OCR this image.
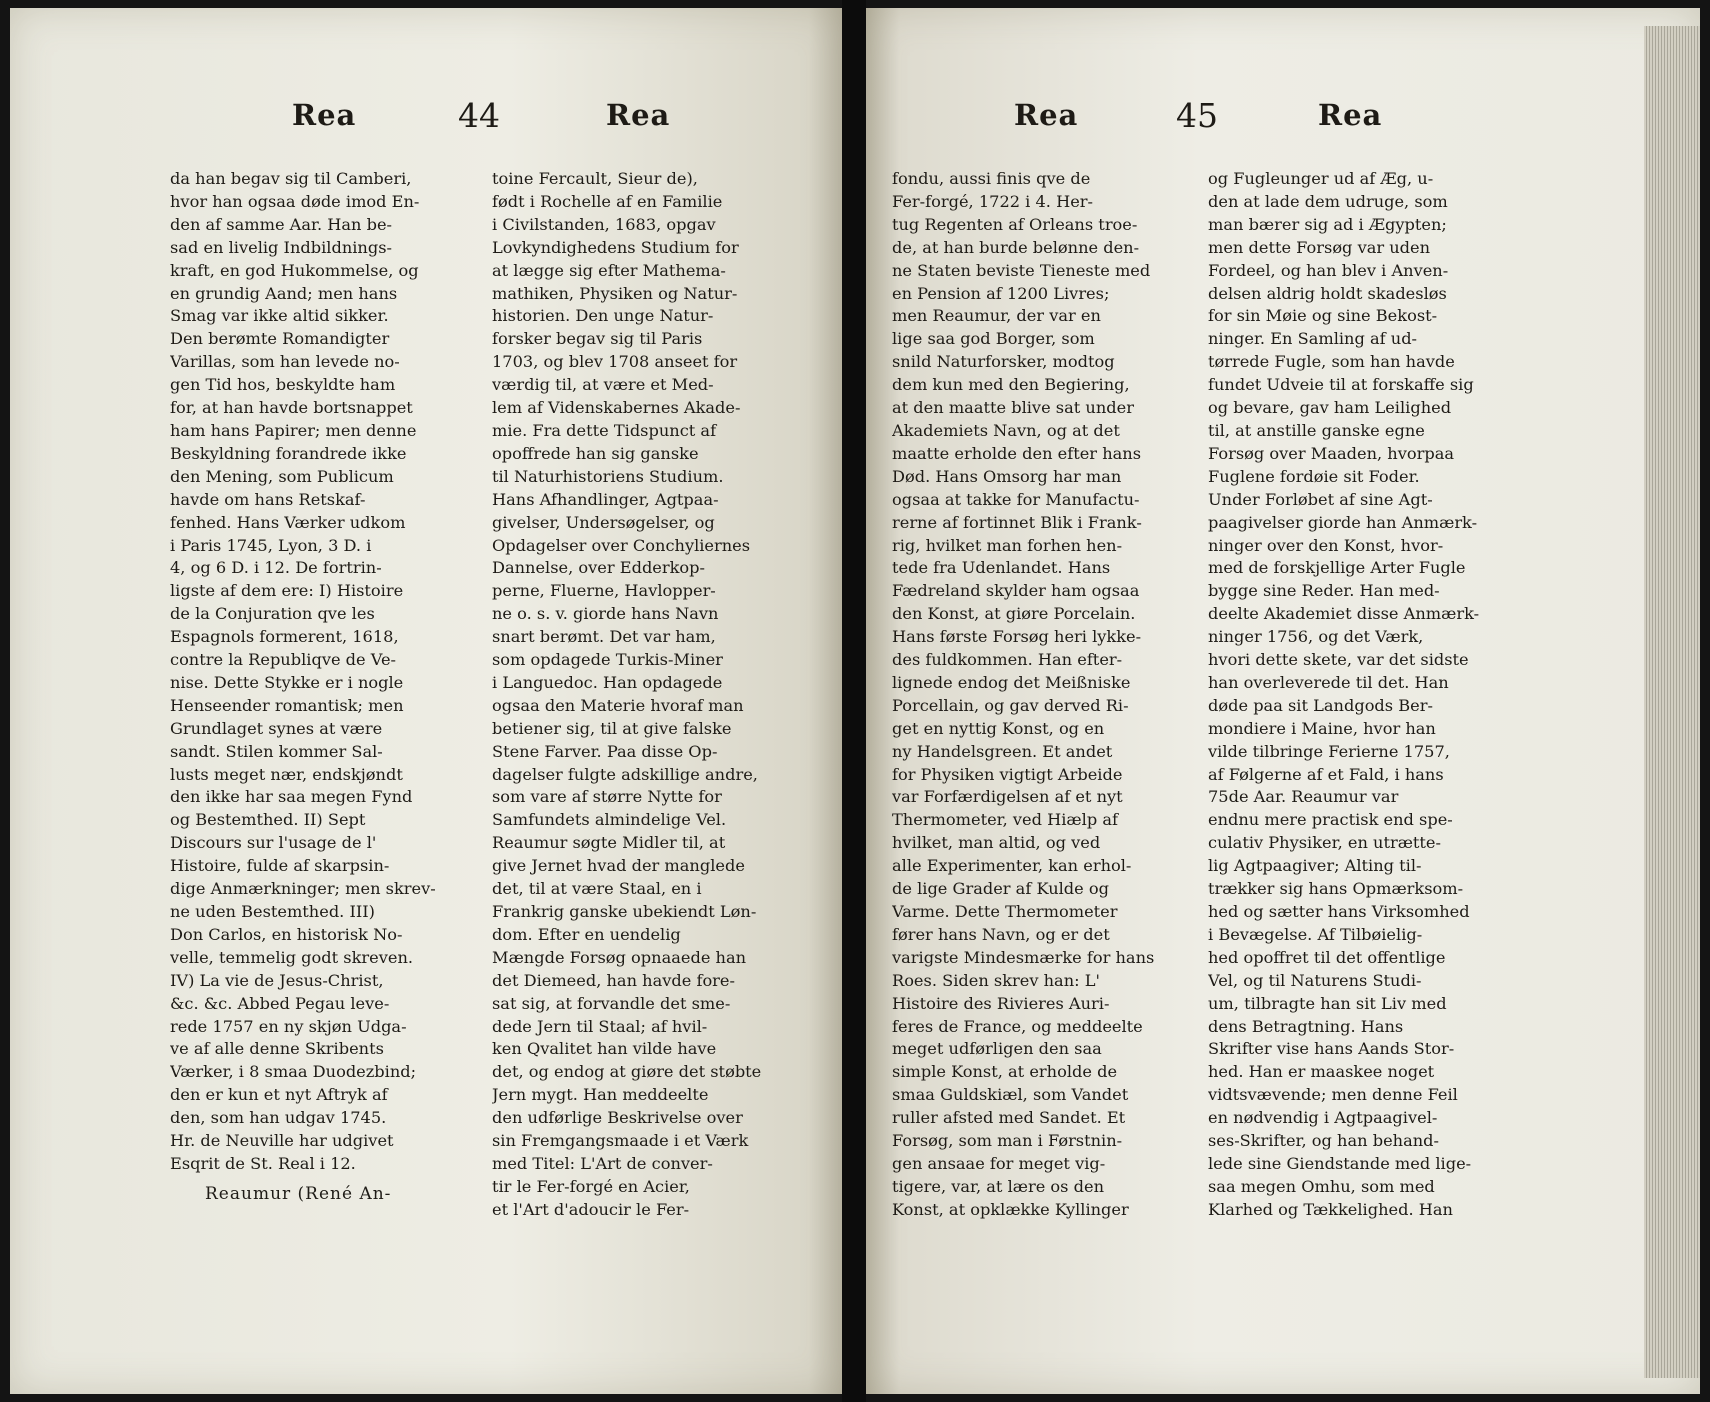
Rea	44	Rea
da han begav sig til Camberi,
hvor han ogsaa døde imod En-
den af samme Aar. Han be-
sad en livelig Indbildnings-
kraft, en god Hukommelse, og
en grundig Aand; men hans
Smag var ikke altid sikker.
Den berømte Romandigter
Varillas, som han levede no-
gen Tid hos, beskyldte ham
for, at han havde bortsnappet
ham hans Papirer; men denne
Beskyldning forandrede ikke
den Mening, som Publicum
havde om hans Retskaf-
fenhed. Hans Værker udkom
i Paris 1745, Lyon, 3 D. i
4, og 6 D. i 12. De fortrin-
ligste af dem ere: I) Histoire
de la Conjuration qve les
Espagnols formerent, 1618,
contre la Republiqve de Ve-
nise. Dette Stykke er i nogle
Henseender romantisk; men
Grundlaget synes at være
sandt. Stilen kommer Sal-
lusts meget nær, endskjøndt
den ikke har saa megen Fynd
og Bestemthed. II) Sept
Discours sur l'usage de l'
Histoire, fulde af skarpsin-
dige Anmærkninger; men skrev-
ne uden Bestemthed. III)
Don Carlos, en historisk No-
velle, temmelig godt skreven.
IV) La vie de Jesus-Christ,
&c. &c. Abbed Pegau leve-
rede 1757 en ny skjøn Udga-
ve af alle denne Skribents
Værker, i 8 smaa Duodezbind;
den er kun et nyt Aftryk af
den, som han udgav 1745.
Hr. de Neuville har udgivet
Esqrit de St. Real i 12.
Reaumur (René An-
toine Fercault, Sieur de),
født i Rochelle af en Familie
i Civilstanden, 1683, opgav
Lovkyndighedens Studium for
at lægge sig efter Mathema-
mathiken, Physiken og Natur-
historien. Den unge Natur-
forsker begav sig til Paris
1703, og blev 1708 anseet for
værdig til, at være et Med-
lem af Videnskabernes Akade-
mie. Fra dette Tidspunct af
opoffrede han sig ganske
til Naturhistoriens Studium.
Hans Afhandlinger, Agtpaa-
givelser, Undersøgelser, og
Opdagelser over Conchyliernes
Dannelse, over Edderkop-
perne, Fluerne, Havlopper-
ne o. s. v. giorde hans Navn
snart berømt. Det var ham,
som opdagede Turkis-Miner
i Languedoc. Han opdagede
ogsaa den Materie hvoraf man
betiener sig, til at give falske
Stene Farver. Paa disse Op-
dagelser fulgte adskillige andre,
som vare af større Nytte for
Samfundets almindelige Vel.
Reaumur søgte Midler til, at
give Jernet hvad der manglede
det, til at være Staal, en i
Frankrig ganske ubekiendt Løn-
dom. Efter en uendelig
Mængde Forsøg opnaaede han
det Diemeed, han havde fore-
sat sig, at forvandle det sme-
dede Jern til Staal; af hvil-
ken Qvalitet han vilde have
det, og endog at giøre det støbte
Jern mygt. Han meddeelte
den udførlige Beskrivelse over
sin Fremgangsmaade i et Værk
med Titel: L'Art de conver-
tir le Fer-forgé en Acier,
et l'Art d'adoucir le Fer-
Rea	45	Rea
fondu, aussi finis qve de
Fer-forgé, 1722 i 4. Her-
tug Regenten af Orleans troe-
de, at han burde belønne den-
ne Staten beviste Tieneste med
en Pension af 1200 Livres;
men Reaumur, der var en
lige saa god Borger, som
snild Naturforsker, modtog
dem kun med den Begiering,
at den maatte blive sat under
Akademiets Navn, og at det
maatte erholde den efter hans
Død. Hans Omsorg har man
ogsaa at takke for Manufactu-
rerne af fortinnet Blik i Frank-
rig, hvilket man forhen hen-
tede fra Udenlandet. Hans
Fædreland skylder ham ogsaa
den Konst, at giøre Porcelain.
Hans første Forsøg heri lykke-
des fuldkommen. Han efter-
lignede endog det Meißniske
Porcellain, og gav derved Ri-
get en nyttig Konst, og en
ny Handelsgreen. Et andet
for Physiken vigtigt Arbeide
var Forfærdigelsen af et nyt
Thermometer, ved Hiælp af
hvilket, man altid, og ved
alle Experimenter, kan erhol-
de lige Grader af Kulde og
Varme. Dette Thermometer
fører hans Navn, og er det
varigste Mindesmærke for hans
Roes. Siden skrev han: L'
Histoire des Rivieres Auri-
feres de France, og meddeelte
meget udførligen den saa
simple Konst, at erholde de
smaa Guldskiæl, som Vandet
ruller afsted med Sandet. Et
Forsøg, som man i Førstnin-
gen ansaae for meget vig-
tigere, var, at lære os den
Konst, at opklække Kyllinger
og Fugleunger ud af Æg, u-
den at lade dem udruge, som
man bærer sig ad i Ægypten;
men dette Forsøg var uden
Fordeel, og han blev i Anven-
delsen aldrig holdt skadesløs
for sin Møie og sine Bekost-
ninger. En Samling af ud-
tørrede Fugle, som han havde
fundet Udveie til at forskaffe sig
og bevare, gav ham Leilighed
til, at anstille ganske egne
Forsøg over Maaden, hvorpaa
Fuglene fordøie sit Foder.
Under Forløbet af sine Agt-
paagivelser giorde han Anmærk-
ninger over den Konst, hvor-
med de forskjellige Arter Fugle
bygge sine Reder. Han med-
deelte Akademiet disse Anmærk-
ninger 1756, og det Værk,
hvori dette skete, var det sidste
han overleverede til det. Han
døde paa sit Landgods Ber-
mondiere i Maine, hvor han
vilde tilbringe Ferierne 1757,
af Følgerne af et Fald, i hans
75de Aar. Reaumur var
endnu mere practisk end spe-
culativ Physiker, en utrætte-
lig Agtpaagiver; Alting til-
trækker sig hans Opmærksom-
hed og sætter hans Virksomhed
i Bevægelse. Af Tilbøielig-
hed opoffret til det offentlige
Vel, og til Naturens Studi-
um, tilbragte han sit Liv med
dens Betragtning. Hans
Skrifter vise hans Aands Stor-
hed. Han er maaskee noget
vidtsvævende; men denne Feil
en nødvendig i Agtpaagivel-
ses-Skrifter, og han behand-
lede sine Giendstande med lige-
saa megen Omhu, som med
Klarhed og Tækkelighed. Han
